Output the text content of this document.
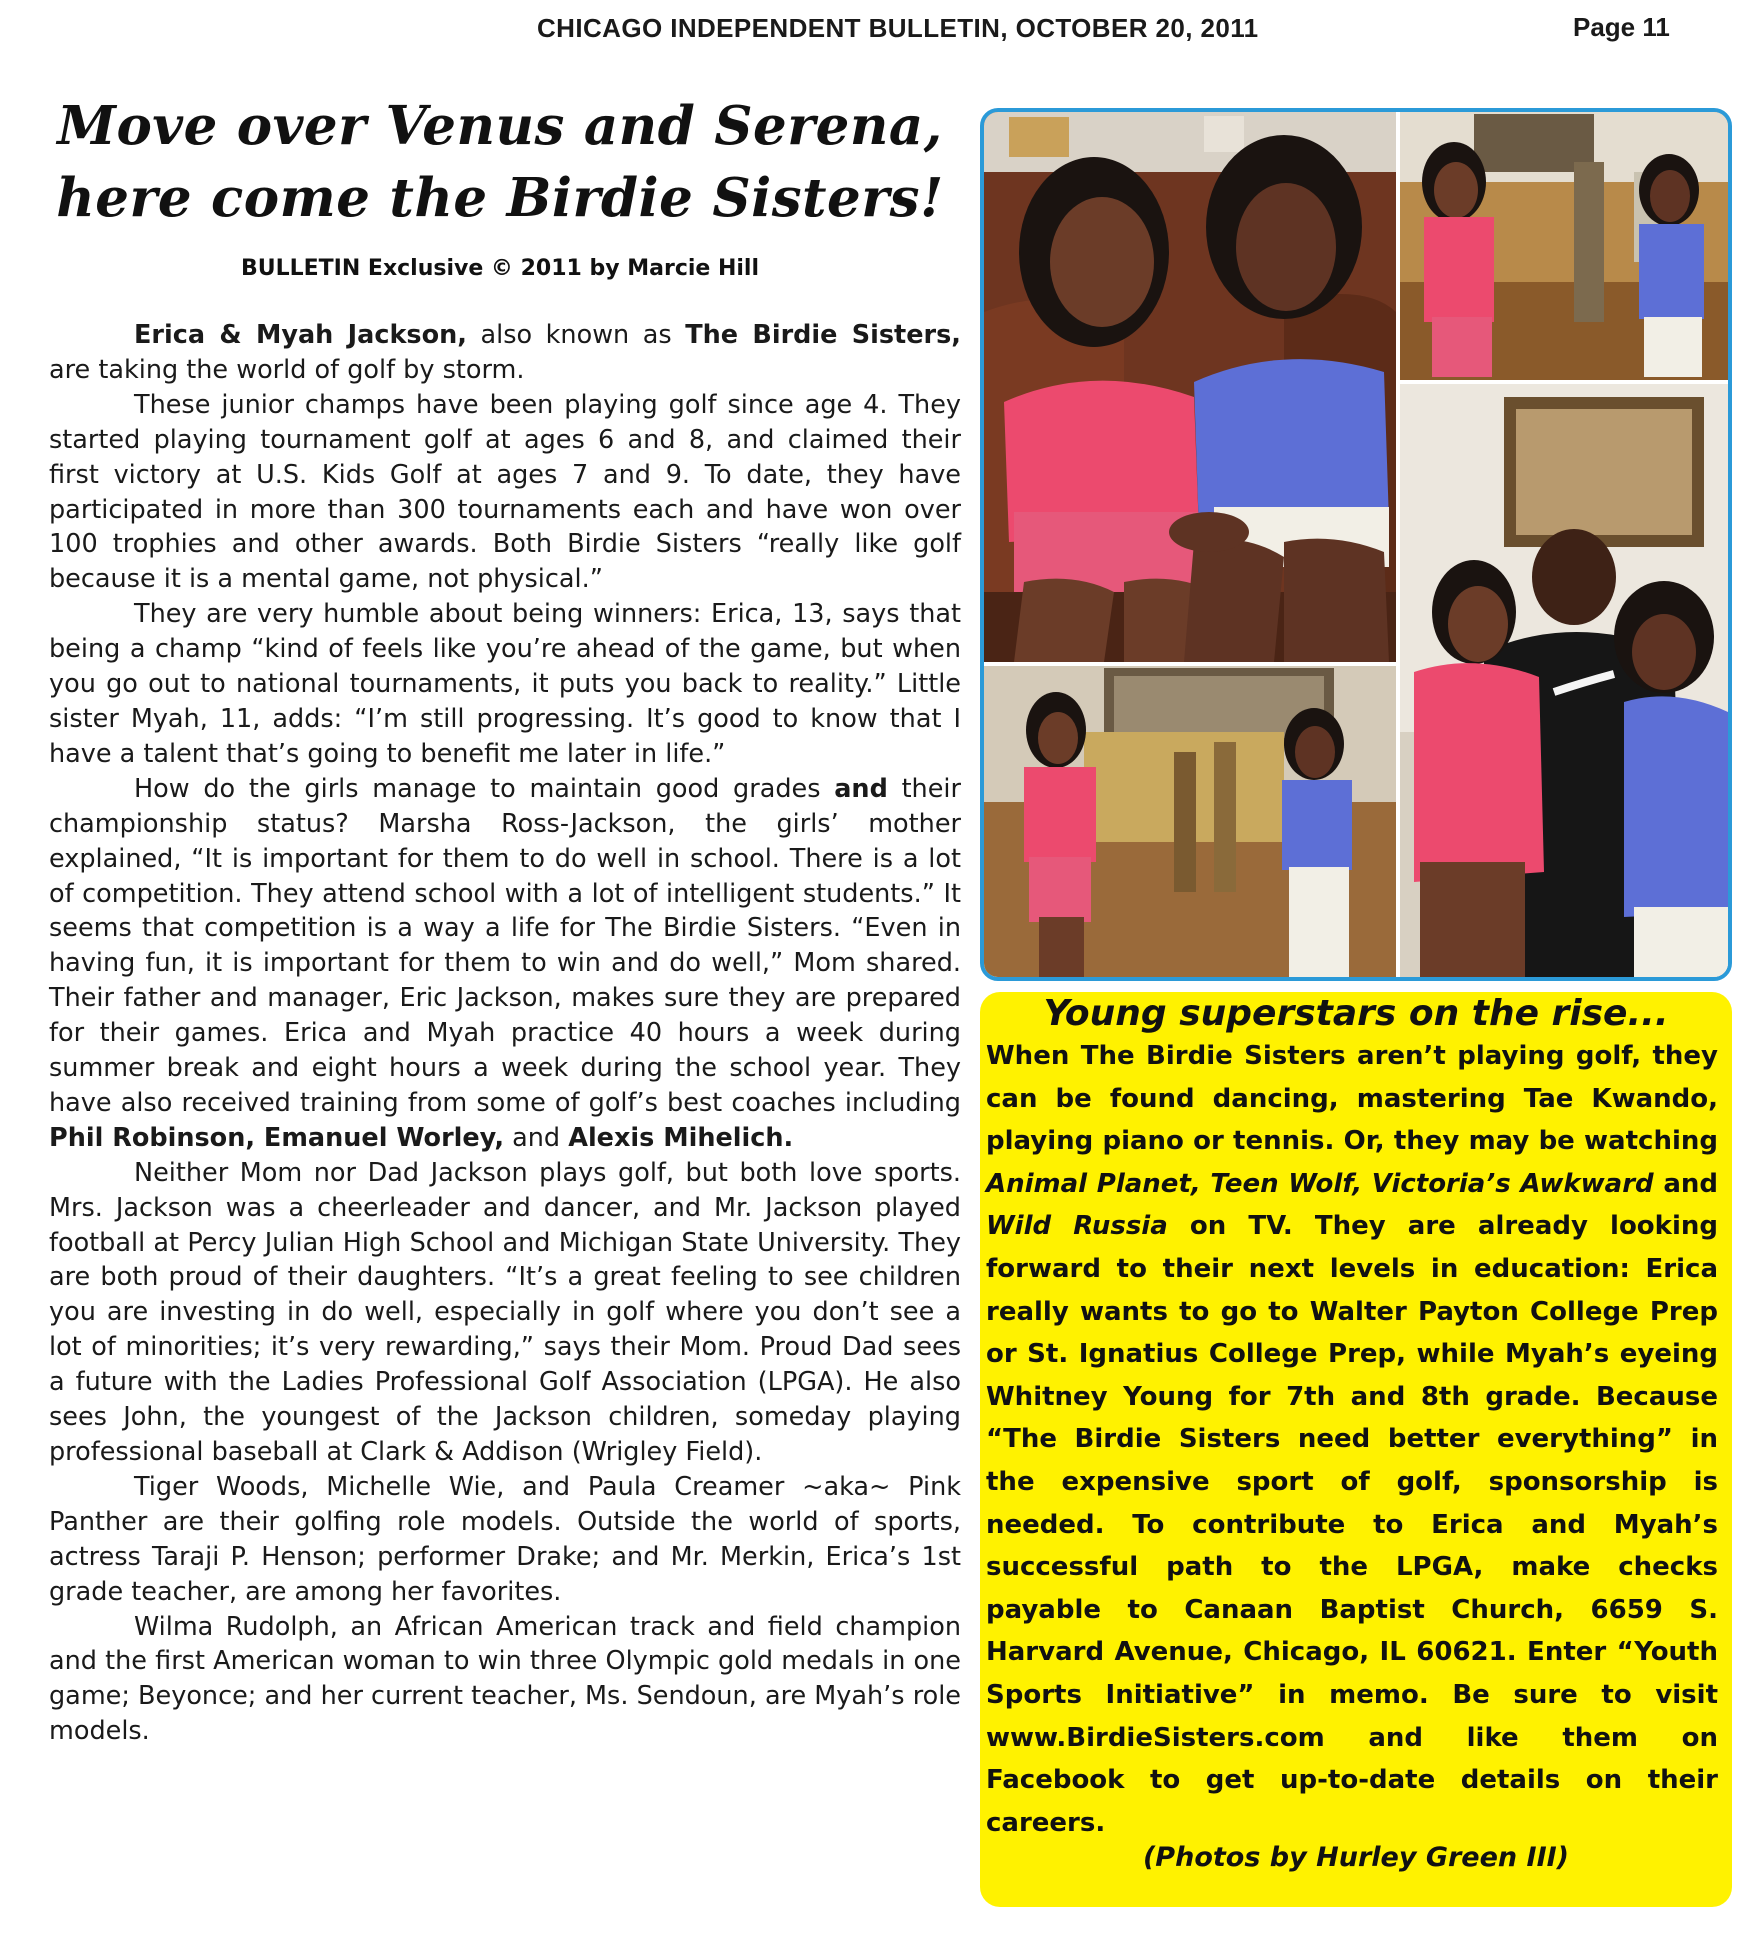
CHICAGO INDEPENDENT BULLETIN, OCTOBER 20, 2011	Page 11
Move over Venus and Serena,
here come the Birdie Sisters!
BULLETIN Exclusive © 2011 by Marcie Hill

Erica & Myah Jackson, also known as The Birdie Sisters, are taking the world of golf by storm.

These junior champs have been playing golf since age 4. They started playing tournament golf at ages 6 and 8, and claimed their first victory at U.S. Kids Golf at ages 7 and 9. To date, they have participated in more than 300 tournaments each and have won over 100 trophies and other awards. Both Birdie Sisters “really like golf because it is a mental game, not physical.”

They are very humble about being winners: Erica, 13, says that being a champ “kind of feels like you’re ahead of the game, but when you go out to national tournaments, it puts you back to reality.” Little sister Myah, 11, adds: “I’m still progressing. It’s good to know that I have a talent that’s going to benefit me later in life.”

How do the girls manage to maintain good grades and their championship status? Marsha Ross-Jackson, the girls’ mother explained, “It is important for them to do well in school. There is a lot of competition. They attend school with a lot of intelligent students.” It seems that competition is a way a life for The Birdie Sisters. “Even in having fun, it is important for them to win and do well,” Mom shared. Their father and manager, Eric Jackson, makes sure they are prepared for their games. Erica and Myah practice 40 hours a week during summer break and eight hours a week during the school year. They have also received training from some of golf’s best coaches including Phil Robinson, Emanuel Worley, and Alexis Mihelich.

Neither Mom nor Dad Jackson plays golf, but both love sports. Mrs. Jackson was a cheerleader and dancer, and Mr. Jackson played football at Percy Julian High School and Michigan State University. They are both proud of their daughters. “It’s a great feeling to see children you are investing in do well, especially in golf where you don’t see a lot of minorities; it’s very rewarding,” says their Mom. Proud Dad sees a future with the Ladies Professional Golf Association (LPGA). He also sees John, the youngest of the Jackson children, someday playing professional baseball at Clark & Addison (Wrigley Field).

Tiger Woods, Michelle Wie, and Paula Creamer ~aka~ Pink Panther are their golfing role models. Outside the world of sports, actress Taraji P. Henson; performer Drake; and Mr. Merkin, Erica’s 1st grade teacher, are among her favorites.

Wilma Rudolph, an African American track and field champion and the first American woman to win three Olympic gold medals in one game; Beyonce; and her current teacher, Ms. Sendoun, are Myah’s role models.

Young superstars on the rise...
When The Birdie Sisters aren’t playing golf, they can be found dancing, mastering Tae Kwando, playing piano or tennis. Or, they may be watching Animal Planet, Teen Wolf, Victoria’s Awkward and Wild Russia on TV. They are already looking forward to their next levels in education: Erica really wants to go to Walter Payton College Prep or St. Ignatius College Prep, while Myah’s eyeing Whitney Young for 7th and 8th grade. Because “The Birdie Sisters need better everything” in the expensive sport of golf, sponsorship is needed. To contribute to Erica and Myah’s successful path to the LPGA, make checks payable to Canaan Baptist Church, 6659 S. Harvard Avenue, Chicago, IL 60621. Enter “Youth Sports Initiative” in memo. Be sure to visit www.BirdieSisters.com and like them on Facebook to get up-to-date details on their careers.
(Photos by Hurley Green III)
